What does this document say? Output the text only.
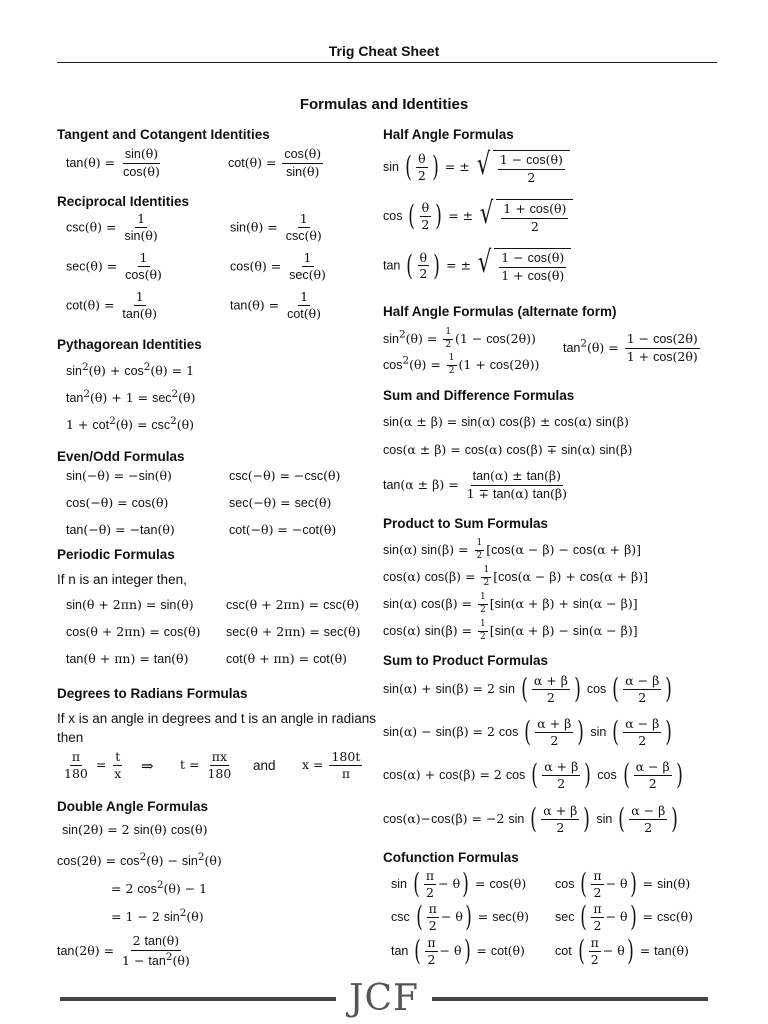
Trig Cheat Sheet
Formulas and Identities
Tangent and Cotangent Identities
$\tan(\theta) = \frac{\sin(\theta)}{\cos(\theta)}$	$\cot(\theta) = \frac{\cos(\theta)}{\sin(\theta)}$
Reciprocal Identities
$\csc(\theta) = \frac{1}{\sin(\theta)}$	$\sin(\theta) = \frac{1}{\csc(\theta)}$
$\sec(\theta) = \frac{1}{\cos(\theta)}$	$\cos(\theta) = \frac{1}{\sec(\theta)}$
$\cot(\theta) = \frac{1}{\tan(\theta)}$	$\tan(\theta) = \frac{1}{\cot(\theta)}$
Pythagorean Identities
$\sin^2(\theta) + \cos^2(\theta) = 1$
$\tan^2(\theta) + 1 = \sec^2(\theta)$
$1 + \cot^2(\theta) = \csc^2(\theta)$
Even/Odd Formulas
sin(−θ) = −sin(θ)	csc(−θ) = −csc(θ)
cos(−θ) = cos(θ)	sec(−θ) = sec(θ)
tan(−θ) = −tan(θ)	cot(−θ) = −cot(θ)
Periodic Formulas
If n is an integer then,
sin(θ + 2πn) = sin(θ)	csc(θ + 2πn) = csc(θ)
cos(θ + 2πn) = cos(θ) sec(θ + 2πn) = sec(θ)
tan(θ + πn) = tan(θ)	cot(θ + πn) = cot(θ)
Degrees to Radians Formulas
If x is an angle in degrees and t is an angle in radians then
$\frac{\pi}{180} = \frac{t}{x}$ ⇒ $t = \frac{\pi x}{180}$ and $x = \frac{180t}{\pi}$
Double Angle Formulas
sin(2θ) = 2 sin(θ) cos(θ)
$\cos(2\theta) = \cos^2(\theta) - \sin^2(\theta)$
= 2 $\cos^2(\theta) - 1$
= 1 − 2 $\sin^2(\theta)$
$\tan(2\theta) = \frac{2 \tan(\theta)}{1 - \tan^2(\theta)}$
Half Angle Formulas
sin ( $\frac{\theta}{2}$ ) = ± √ $\frac{1 - \cos(\theta)}{2}$
cos ( $\frac{\theta}{2}$ ) = ± √ $\frac{1 + \cos(\theta)}{2}$
tan ( $\frac{\theta}{2}$ ) = ± √ $\frac{1 - \cos(\theta)}{1 + \cos(\theta)}$
Half Angle Formulas (alternate form)
$\sin^2(\theta) = \frac{1}{2} (1 - \cos(2\theta))$
$\cos^2(\theta) = \frac{1}{2} (1 + \cos(2\theta))$
$\tan^2(\theta) = \frac{1 - \cos(2\theta)}{1 + \cos(2\theta)}$
Sum and Difference Formulas
sin(α ± β) = sin(α) cos(β) ± cos(α) sin(β)
cos(α ± β) = cos(α) cos(β) ∓ sin(α) sin(β)
$\tan(\alpha \pm \beta) = \frac{\tan(\alpha) \pm \tan(\beta)}{1 \mp \tan(\alpha) \tan(\beta)}$
Product to Sum Formulas
sin(α) $\sin(\beta) = \frac{1}{2} [\cos(\alpha - \beta) - \cos(\alpha + \beta)]$
cos(α) $\cos(\beta) = \frac{1}{2} [\cos(\alpha - \beta) + \cos(\alpha + \beta)]$
sin(α) $\cos(\beta) = \frac{1}{2} [\sin(\alpha + \beta) + \sin(\alpha - \beta)]$
cos(α) $\sin(\beta) = \frac{1}{2} [\sin(\alpha + \beta) - \sin(\alpha - \beta)]$
Sum to Product Formulas
sin(α) + sin(β) = 2 sin ( $\frac{\alpha + \beta}{2}$ ) cos ( $\frac{\alpha - \beta}{2}$ )
sin(α) − sin(β) = 2 cos ( $\frac{\alpha + \beta}{2}$ ) sin ( $\frac{\alpha - \beta}{2}$ )
cos(α) + cos(β) = 2 cos ( $\frac{\alpha + \beta}{2}$ ) cos ( $\frac{\alpha - \beta}{2}$ )
cos(α)−cos(β) = −2 sin ( $\frac{\alpha + \beta}{2}$ ) sin ( $\frac{\alpha - \beta}{2}$ )
Cofunction Formulas
sin ( $\frac{\pi}{2} - \theta) = \cos(\theta)$ cos ( $\frac{\pi}{2} - \theta) = \sin(\theta)$
csc ( $\frac{\pi}{2} - \theta) = \sec(\theta)$ sec ( $\frac{\pi}{2} - \theta) = \csc(\theta)$
tan ( $\frac{\pi}{2} - \theta) = \cot(\theta)$ cot ( $\frac{\pi}{2} - \theta) = \tan(\theta)$
JCF
